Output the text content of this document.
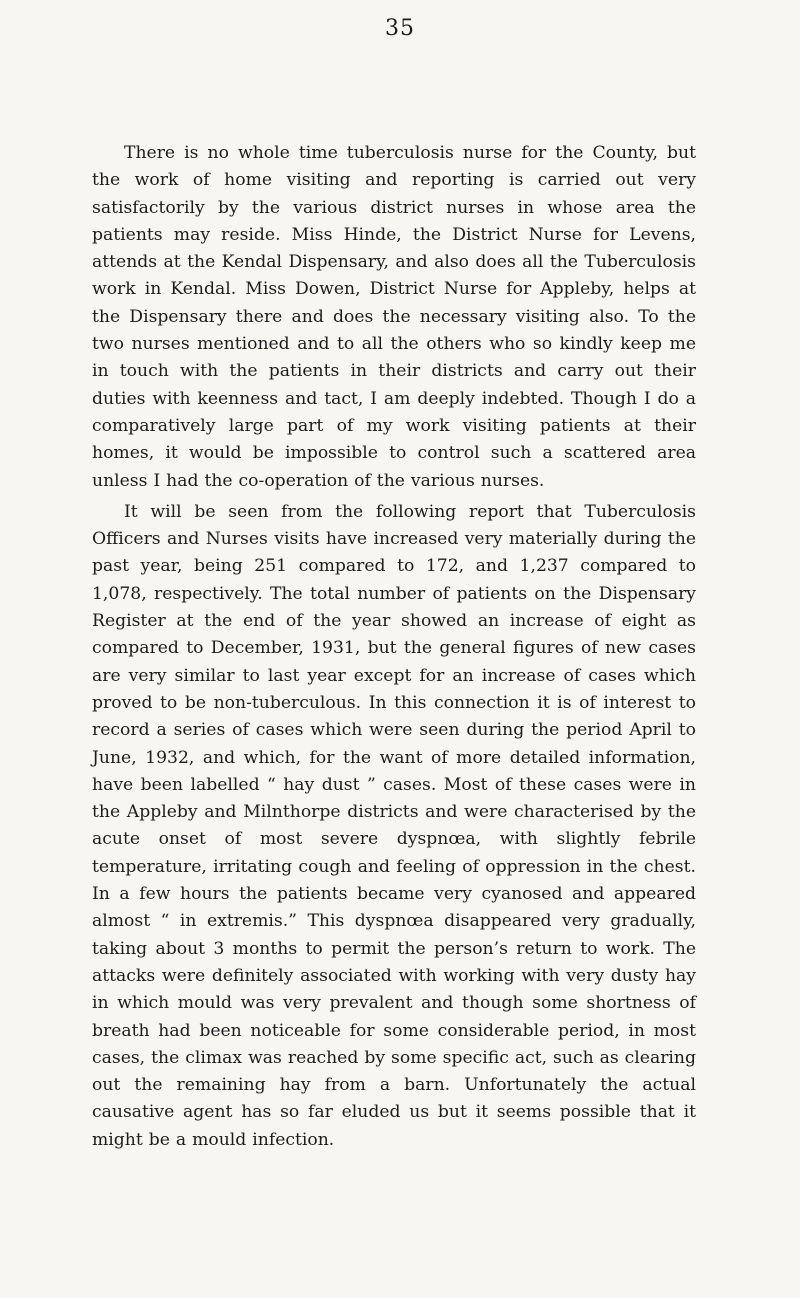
35

There is no whole time tuberculosis nurse for the County, but the work of home visiting and reporting is carried out very satisfactorily by the various district nurses in whose area the patients may reside. Miss Hinde, the District Nurse for Levens, attends at the Kendal Dispensary, and also does all the Tuberculosis work in Kendal. Miss Dowen, District Nurse for Appleby, helps at the Dispensary there and does the necessary visiting also. To the two nurses mentioned and to all the others who so kindly keep me in touch with the patients in their districts and carry out their duties with keenness and tact, I am deeply indebted. Though I do a comparatively large part of my work visiting patients at their homes, it would be impossible to control such a scattered area unless I had the co-operation of the various nurses.

It will be seen from the following report that Tuberculosis Officers and Nurses visits have increased very materially during the past year, being 251 compared to 172, and 1,237 compared to 1,078, respectively. The total number of patients on the Dispensary Register at the end of the year showed an increase of eight as compared to December, 1931, but the general figures of new cases are very similar to last year except for an increase of cases which proved to be non-tuberculous. In this connection it is of interest to record a series of cases which were seen during the period April to June, 1932, and which, for the want of more detailed information, have been labelled “ hay dust ” cases. Most of these cases were in the Appleby and Milnthorpe districts and were characterised by the acute onset of most severe dyspnœa, with slightly febrile temperature, irritating cough and feeling of oppression in the chest. In a few hours the patients became very cyanosed and appeared almost “ in extremis.” This dyspnœa disappeared very gradually, taking about 3 months to permit the person’s return to work. The attacks were definitely associated with working with very dusty hay in which mould was very prevalent and though some shortness of breath had been noticeable for some considerable period, in most cases, the climax was reached by some specific act, such as clearing out the remaining hay from a barn. Unfortunately the actual causative agent has so far eluded us but it seems possible that it might be a mould infection.
